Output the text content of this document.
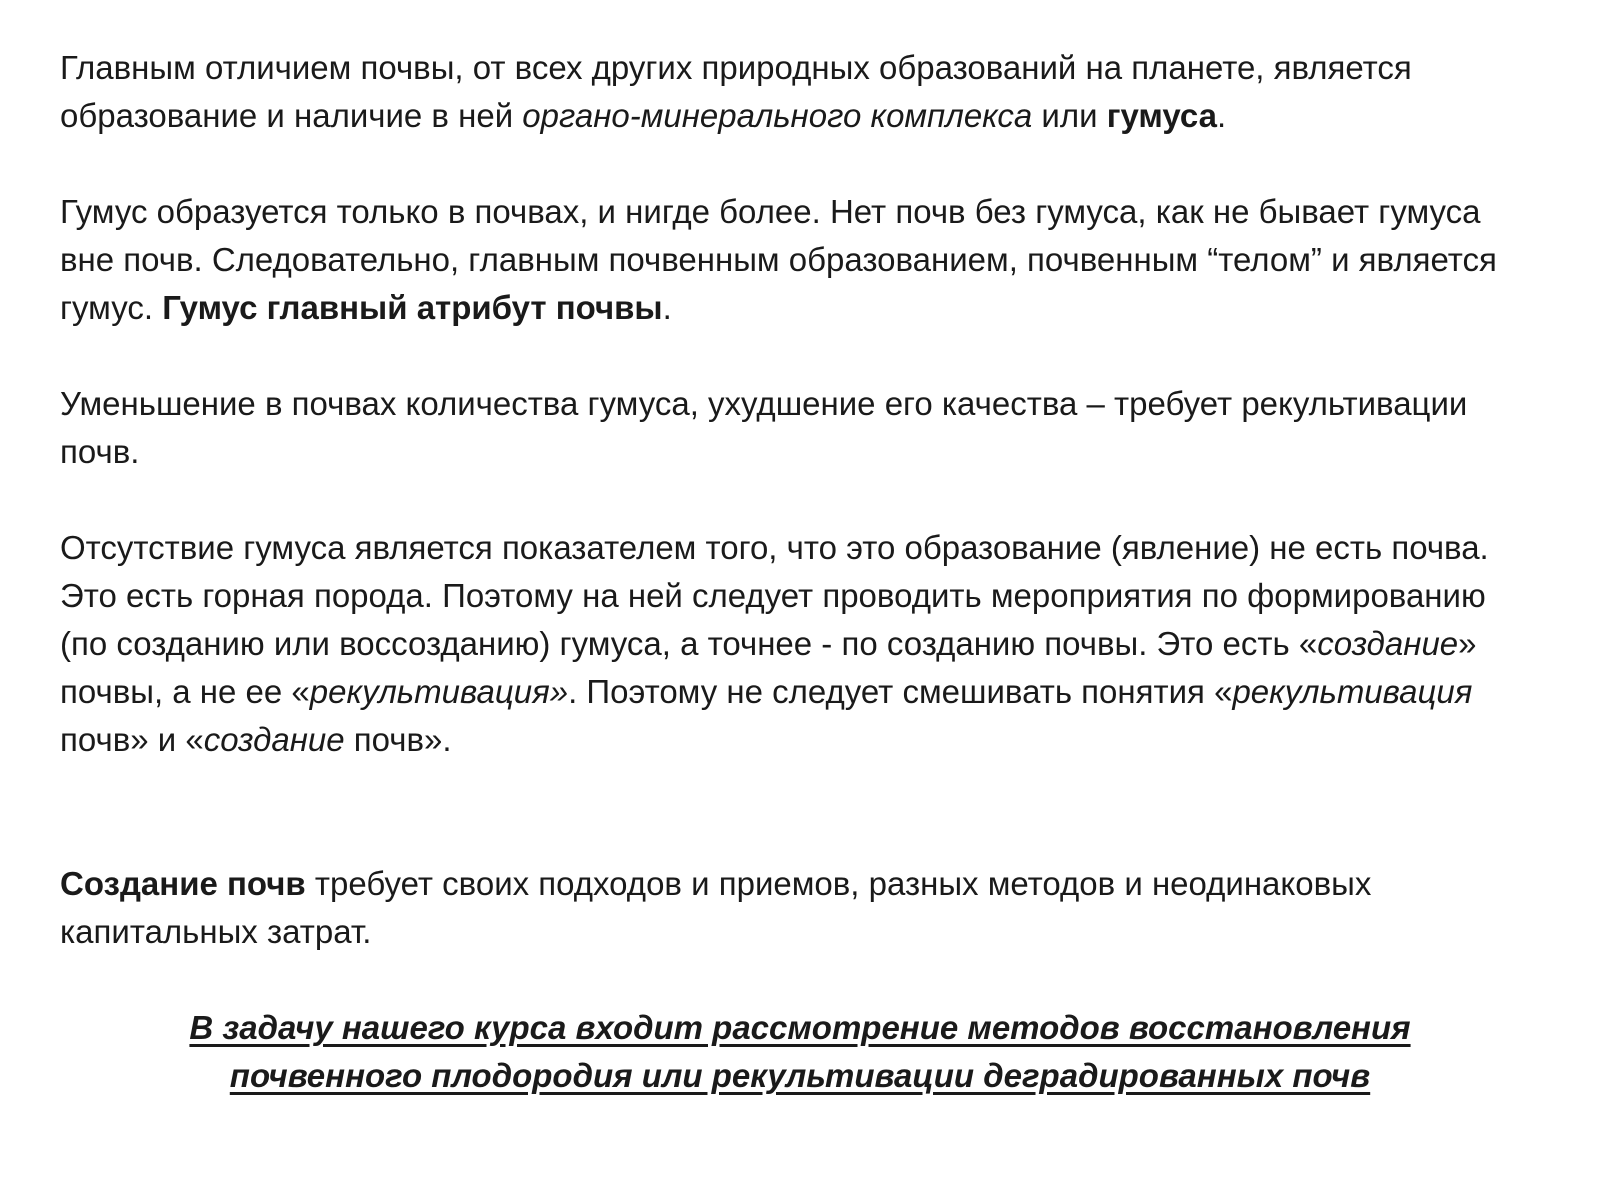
Главным отличием почвы, от всех других природных образований на планете, является образование и наличие в ней органо-минерального комплекса или гумуса.

Гумус образуется только в почвах, и нигде более. Нет почв без гумуса, как не бывает гумуса вне почв. Следовательно, главным почвенным образованием, почвенным “телом” и является гумус. Гумус главный атрибут почвы.

Уменьшение в почвах количества гумуса, ухудшение его качества – требует рекультивации почв.

Отсутствие гумуса является показателем того, что это образование (явление) не есть почва. Это есть горная порода. Поэтому на ней следует проводить мероприятия по формированию (по созданию или воссозданию) гумуса, а точнее - по созданию почвы. Это есть «создание» почвы, а не ее «рекультивация». Поэтому не следует смешивать понятия «рекультивация почв» и «создание почв».

Создание почв требует своих подходов и приемов, разных методов и неодинаковых капитальных затрат.

В задачу нашего курса входит рассмотрение методов восстановления почвенного плодородия или рекультивации деградированных почв
